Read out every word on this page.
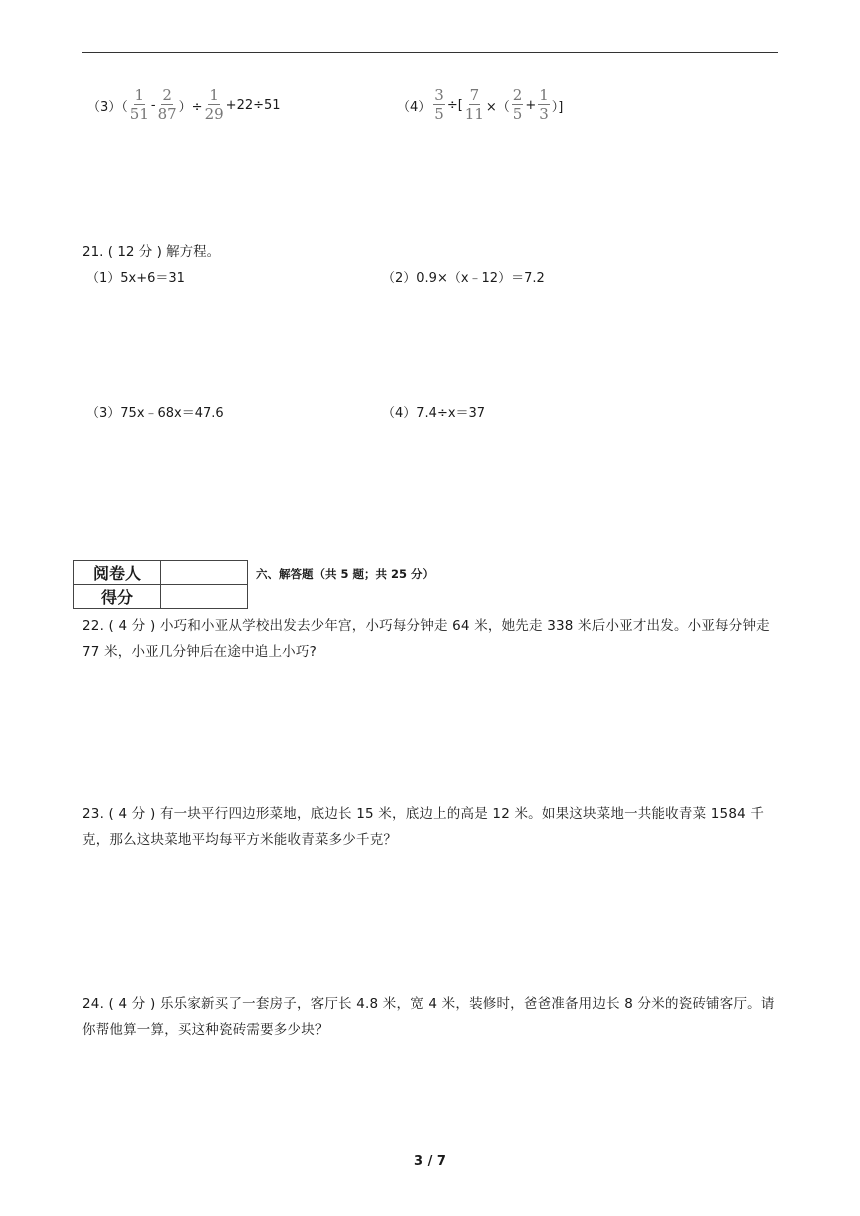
$(3)( \frac{1}{51} - \frac{2}{87}$ ）÷ $\frac{1}{29} +22\div 51$	$(4) \frac{3}{5}$ ÷[ $\frac{7}{11}$ ×（ $\frac{2}{5} + \frac{1}{3}$ ）]
21. ( 12 分 ) 解方程。
（1）5x+6＝31	（2）0.9×（x﹣12）＝7.2
（3）75x﹣68x＝47.6	（4）7.4÷x＝37
阅卷人	
得分	
六、解答题（共 5 题；共 25 分）
22. ( 4 分 ) 小巧和小亚从学校出发去少年宫，小巧每分钟走 64 米，她先走 338 米后小亚才出发。小亚每分钟走 77 米，小亚几分钟后在途中追上小巧?
23. ( 4 分 ) 有一块平行四边形菜地，底边长 15 米，底边上的高是 12 米。如果这块菜地一共能收青菜 1584 千克，那么这块菜地平均每平方米能收青菜多少千克？
24. ( 4 分 ) 乐乐家新买了一套房子，客厅长 4.8 米，宽 4 米，装修时，爸爸准备用边长 8 分米的瓷砖铺客厅。请你帮他算一算，买这种瓷砖需要多少块？
3 / 7
